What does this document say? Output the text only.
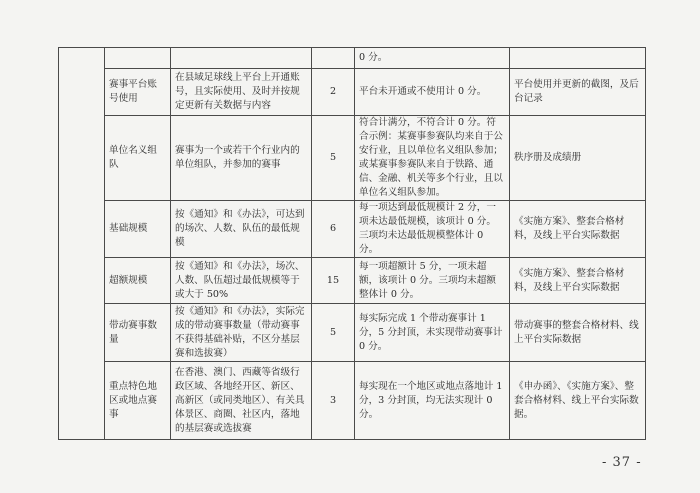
				0 分。	
	赛事平台账号使用	在县域足球线上平台上开通账号，且实际使用、及时并按规定更新有关数据与内容	2	平台未开通或不使用计 0 分。	平台使用并更新的截图，及后台记录
	单位名义组队	赛事为一个或若干个行业内的单位组队，并参加的赛事	5	符合计满分，不符合计 0 分。符合示例：某赛事参赛队均来自于公安行业，且以单位名义组队参加；或某赛事参赛队来自于铁路、通信、金融、机关等多个行业，且以单位名义组队参加。	秩序册及成绩册
	基础规模	按《通知》和《办法》，可达到的场次、人数、队伍的最低规模	6	每一项达到最低规模计 2 分，一项未达最低规模，该项计 0 分。三项均未达最低规模整体计 0 分。	《实施方案》、整套合格材料，及线上平台实际数据
	超额规模	按《通知》和《办法》，场次、人数、队伍超过最低规模等于或大于 50%	15	每一项超额计 5 分，一项未超额，该项计 0 分。三项均未超额整体计 0 分。	《实施方案》、整套合格材料，及线上平台实际数据
	带动赛事数量	按《通知》和《办法》，实际完成的带动赛事数量（带动赛事不获得基础补贴，不区分基层赛和选拔赛）	5	每实际完成 1 个带动赛事计 1 分，5 分封顶，未实现带动赛事计 0 分。	带动赛事的整套合格材料、线上平台实际数据
	重点特色地区或地点赛事	在香港、澳门、西藏等省级行政区域、各地经开区、新区、高新区（或同类地区）、有关具体景区、商圈、社区内，落地的基层赛或选拔赛	3	每实现在一个地区或地点落地计 1 分，3 分封顶，均无法实现计 0 分。	《申办函》、《实施方案》、整套合格材料、线上平台实际数据。
- 37 -
